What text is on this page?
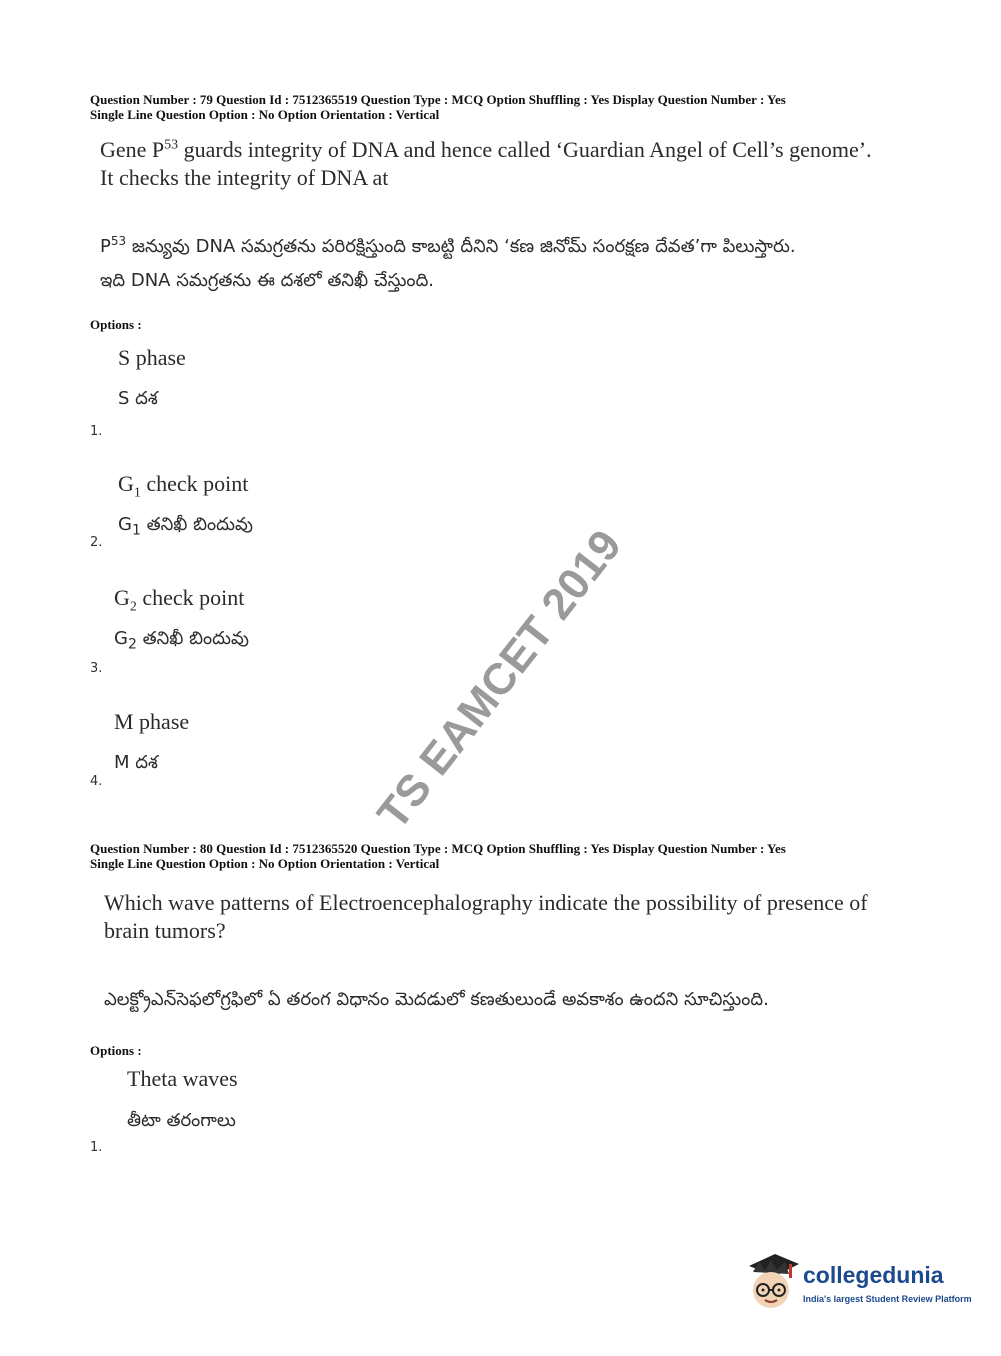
Question Number : 79 Question Id : 7512365519 Question Type : MCQ Option Shuffling : Yes Display Question Number : Yes
Single Line Question Option : No Option Orientation : Vertical
Gene $P^{53}$ guards integrity of DNA and hence called ‘Guardian Angel of Cell’s genome’.
It checks the integrity of DNA at
$P^{53}$ జన్యువు DNA సమగ్రతను పరిరక్షిస్తుంది కాబట్టి దీనిని ‘కణ జినోమ్ సంరక్షణ దేవత’గా పిలుస్తారు.
ఇది DNA సమగ్రతను ఈ దశలో తనిఖీ చేస్తుంది.
Options :
S phase
S దశ
1.
$G_1$ check point
$G_1$ తనిఖీ బిందువు
2.
$G_2$ check point
$G_2$ తనిఖీ బిందువు
3.
M phase
M దశ
4.	TS EAMCET 2019
Question Number : 80 Question Id : 7512365520 Question Type : MCQ Option Shuffling : Yes Display Question Number : Yes
Single Line Question Option : No Option Orientation : Vertical
Which wave patterns of Electroencephalography indicate the possibility of presence of
brain tumors?
ఎలక్ట్రోఎన్‌సెఫలోగ్రఫిలో ఏ తరంగ విధానం మెదడులో కణతులుండే అవకాశం ఉందని సూచిస్తుంది.
Options :
Theta waves
తీటా తరంగాలు
1.
collegedunia
India's largest Student Review Platform
